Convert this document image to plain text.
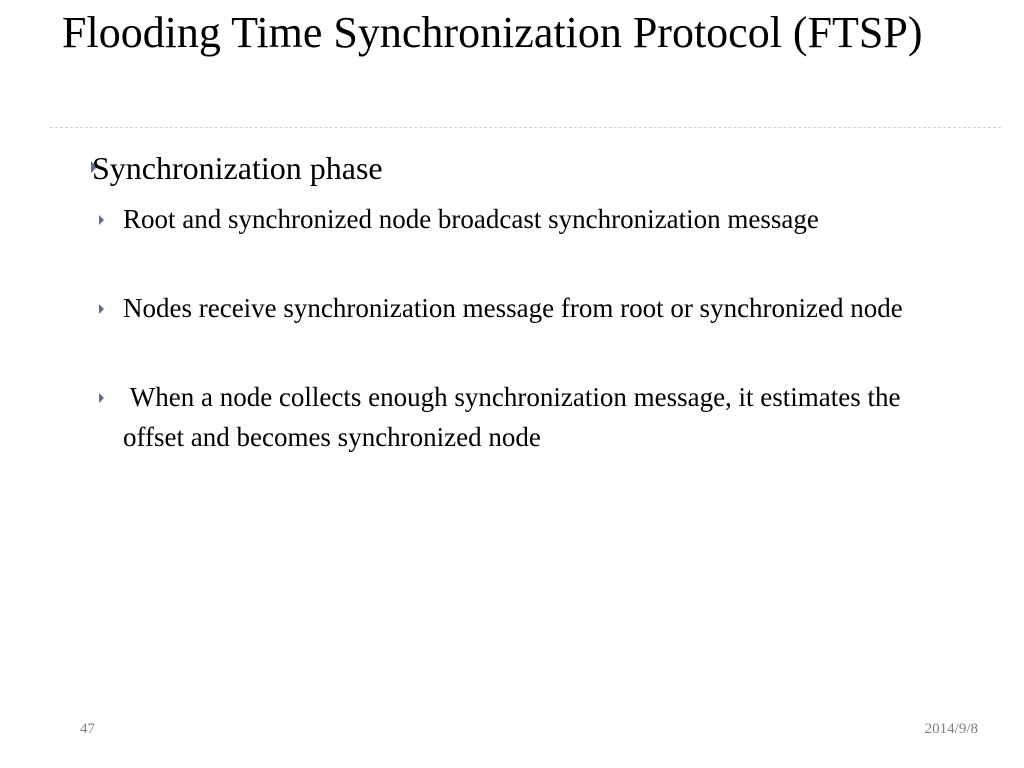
Flooding Time Synchronization Protocol (FTSP)
Synchronization phase
Root and synchronized node broadcast synchronization message
Nodes receive synchronization message from root or synchronized node
When a node collects enough synchronization message, it estimates the offset and becomes synchronized node
47	2014/9/8
